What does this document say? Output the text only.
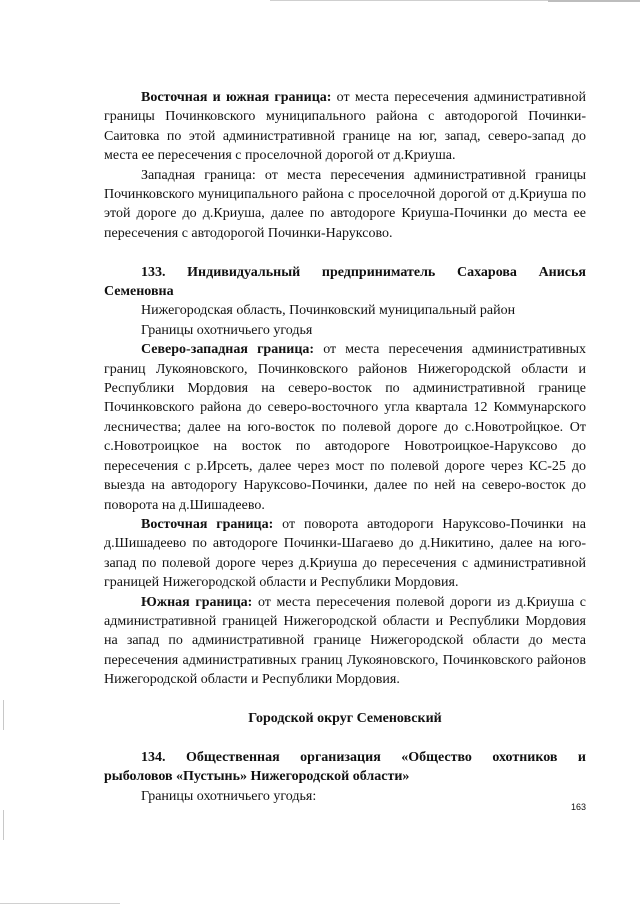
Восточная и южная граница: от места пересечения административной границы Починковского муниципального района с автодорогой Починки-Саитовка по этой административной границе на юг, запад, северо-запад до места ее пересечения с проселочной дорогой от д.Криуша.

Западная граница: от места пересечения административной границы Починковского муниципального района с проселочной дорогой от д.Криуша по этой дороге до д.Криуша, далее по автодороге Криуша-Починки до места ее пересечения с автодорогой Починки-Наруксово.

133. Индивидуальный предприниматель Сахарова Анисья

Семеновна

Нижегородская область, Починковский муниципальный район

Границы охотничьего угодья

Северо-западная граница: от места пересечения административных границ Лукояновского, Починковского районов Нижегородской области и Республики Мордовия на северо-восток по административной границе Починковского района до северо-восточного угла квартала 12 Коммунарского лесничества; далее на юго-восток по полевой дороге до с.Новотройцкое. От с.Новотроицкое на восток по автодороге Новотроицкое-Наруксово до пересечения с р.Ирсеть, далее через мост по полевой дороге через КС-25 до выезда на автодорогу Наруксово-Починки, далее по ней на северо-восток до поворота на д.Шишадеево.

Восточная граница: от поворота автодороги Наруксово-Починки на д.Шишадеево по автодороге Починки-Шагаево до д.Никитино, далее на юго-запад по полевой дороге через д.Криуша до пересечения с административной границей Нижегородской области и Республики Мордовия.

Южная граница: от места пересечения полевой дороги из д.Криуша с административной границей Нижегородской области и Республики Мордовия на запад по административной границе Нижегородской области до места пересечения административных границ Лукояновского, Починковского районов Нижегородской области и Республики Мордовия.

Городской округ Семеновский

134. Общественная организация «Общество охотников и

рыболовов «Пустынь» Нижегородской области»

Границы охотничьего угодья:

163
